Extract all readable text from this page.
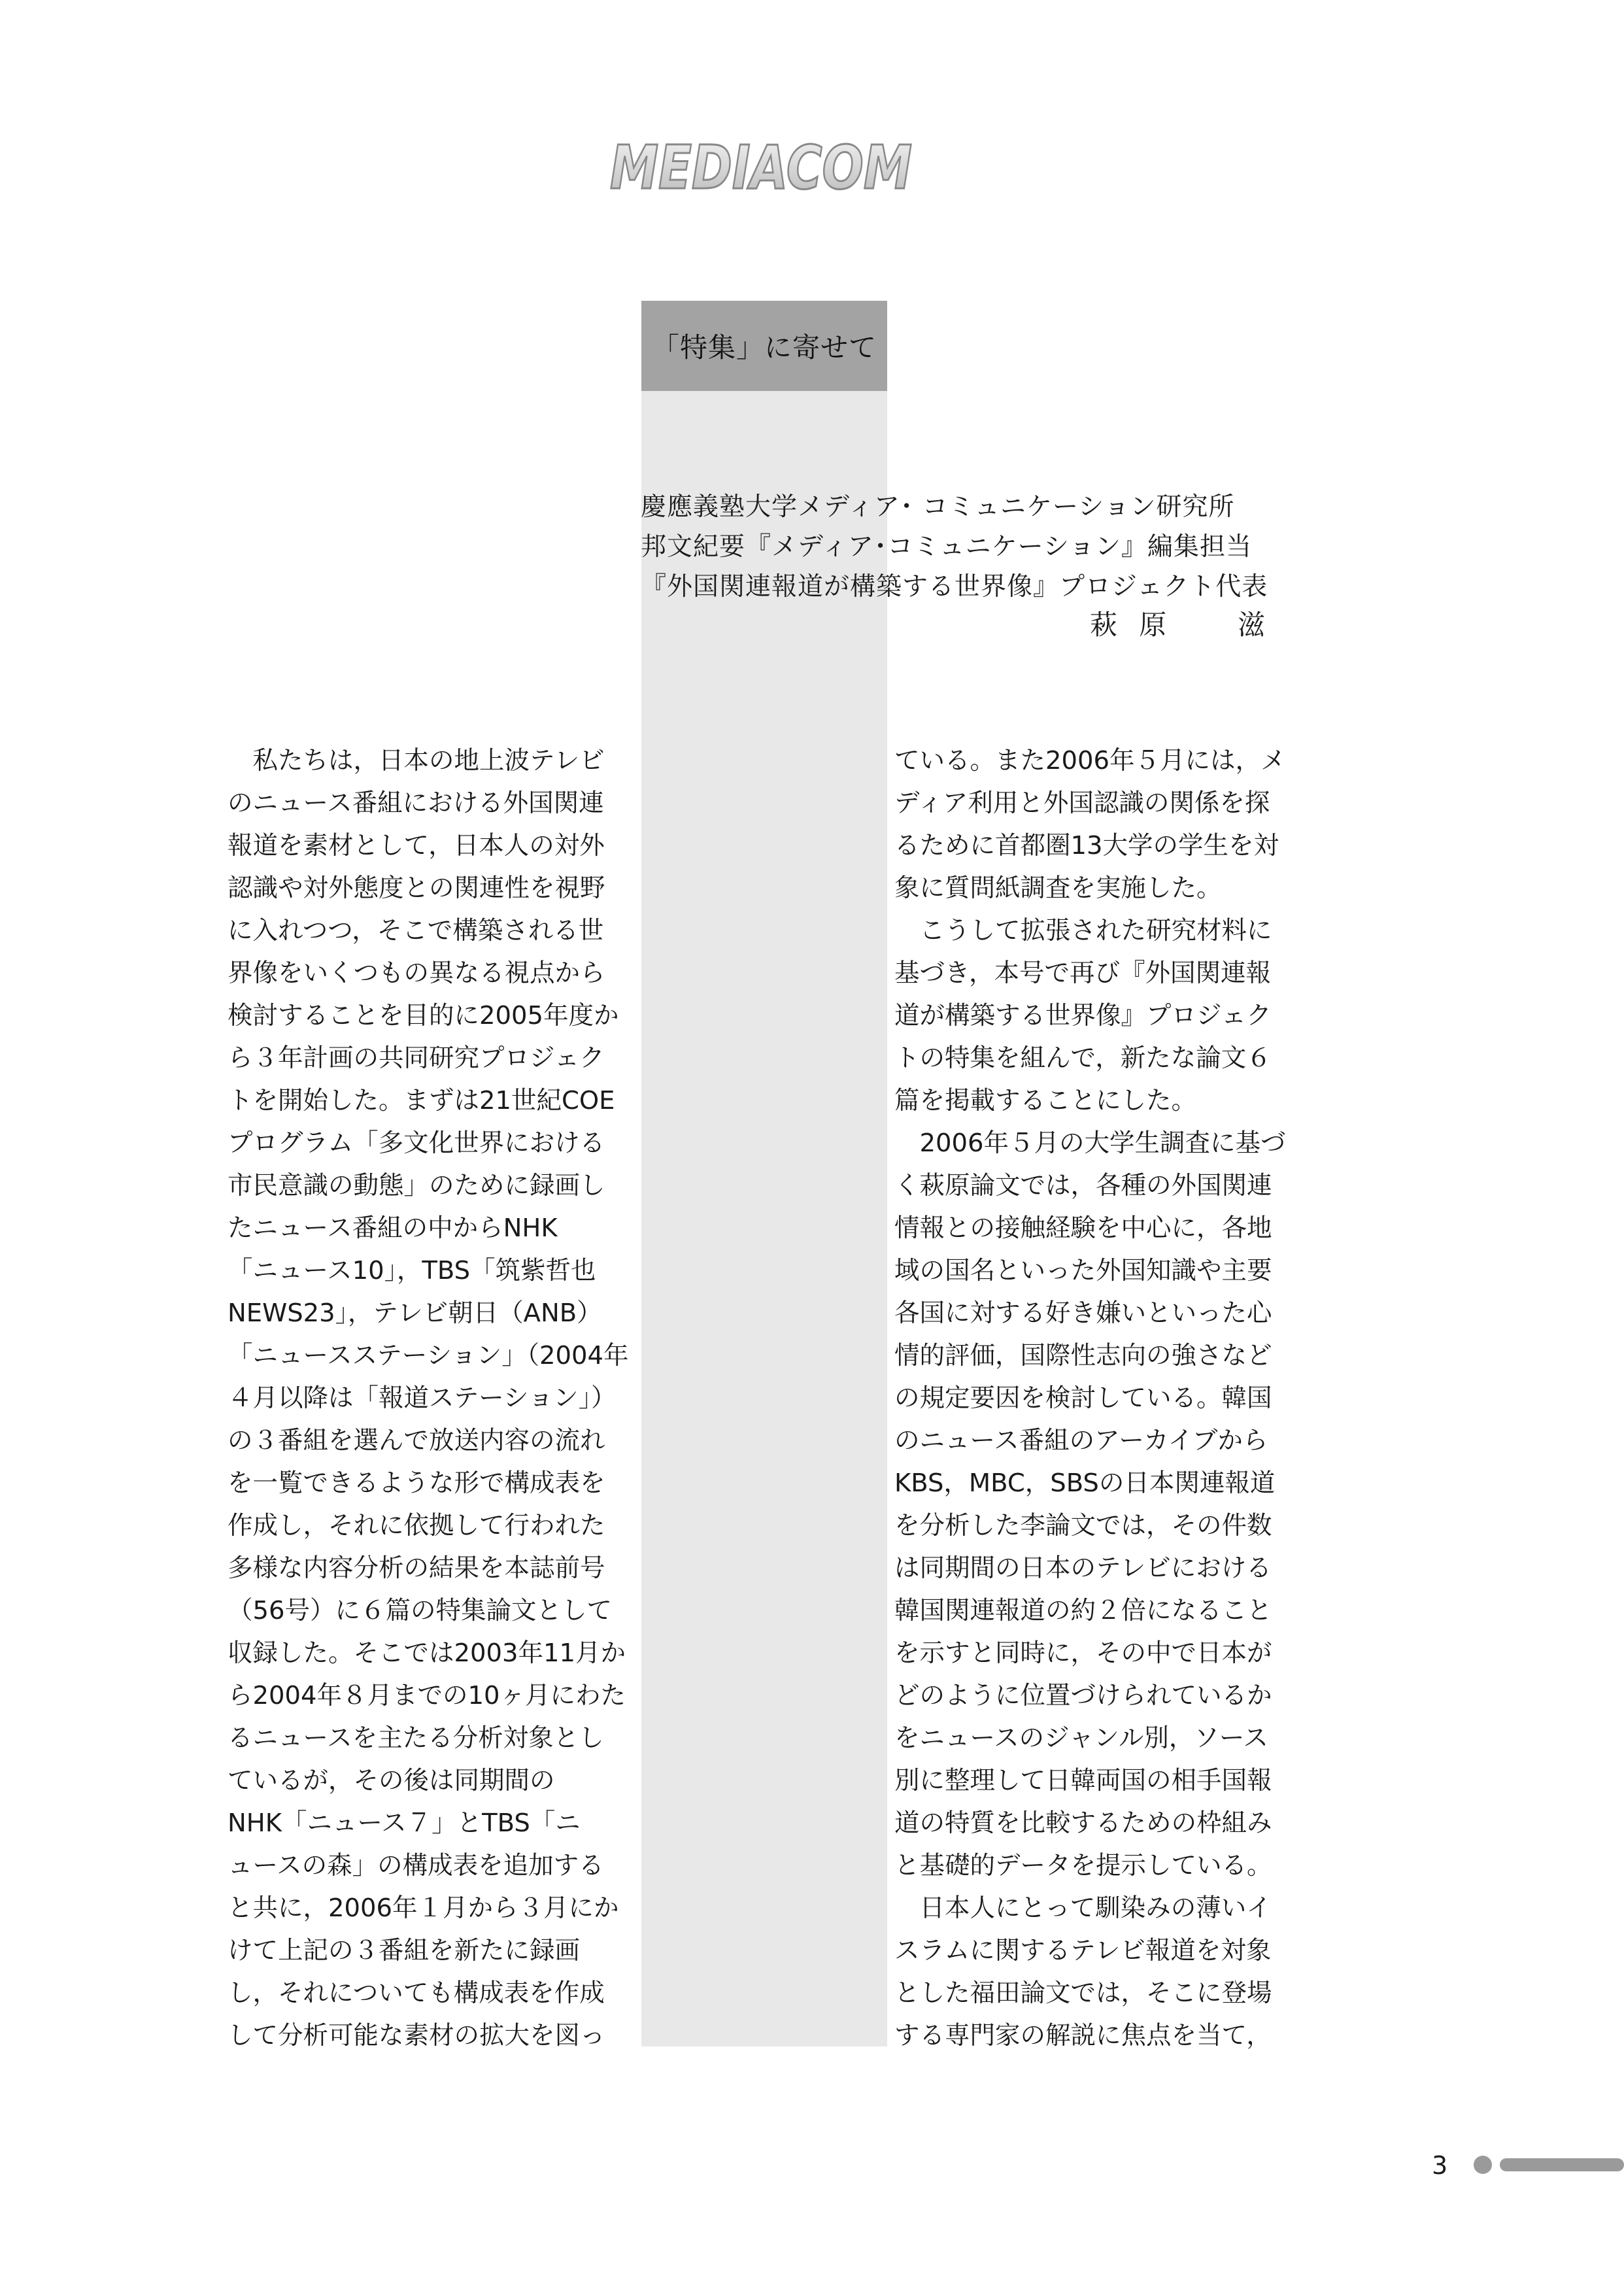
MEDIACOM
「特集」に寄せて
慶應義塾大学メディア･ コミュニケーション研究所
邦文紀要『メディア･コミュニケーション』編集担当
『外国関連報道が構築する世界像』プロジェクト代表
萩 原 　 滋
　私たちは，日本の地上波テレビ
のニュース番組における外国関連
報道を素材として，日本人の対外
認識や対外態度との関連性を視野
に入れつつ，そこで構築される世
界像をいくつもの異なる視点から
検討することを目的に2005年度か
ら３年計画の共同研究プロジェク
トを開始した。まずは21世紀COE
プログラム「多文化世界における
市民意識の動態」のために録画し
たニュース番組の中からNHK
「ニュース10」，TBS「筑紫哲也
NEWS23」，テレビ朝日（ANB）
「ニュースステーション」（2004年
４月以降は「報道ステーション」）
の３番組を選んで放送内容の流れ
を一覧できるような形で構成表を
作成し，それに依拠して行われた
多様な内容分析の結果を本誌前号
（56号）に６篇の特集論文として
収録した。そこでは2003年11月か
ら2004年８月までの10ヶ月にわた
るニュースを主たる分析対象とし
ているが，その後は同期間の
NHK「ニュース７」とTBS「ニ
ュースの森」の構成表を追加する
と共に，2006年１月から３月にか
けて上記の３番組を新たに録画
し，それについても構成表を作成
して分析可能な素材の拡大を図っ
ている。また2006年５月には，メ
ディア利用と外国認識の関係を探
るために首都圏13大学の学生を対
象に質問紙調査を実施した。
　こうして拡張された研究材料に
基づき，本号で再び『外国関連報
道が構築する世界像』プロジェク
トの特集を組んで，新たな論文６
篇を掲載することにした。
　2006年５月の大学生調査に基づ
く萩原論文では，各種の外国関連
情報との接触経験を中心に，各地
域の国名といった外国知識や主要
各国に対する好き嫌いといった心
情的評価，国際性志向の強さなど
の規定要因を検討している。韓国
のニュース番組のアーカイブから
KBS，MBC，SBSの日本関連報道
を分析した李論文では，その件数
は同期間の日本のテレビにおける
韓国関連報道の約２倍になること
を示すと同時に，その中で日本が
どのように位置づけられているか
をニュースのジャンル別，ソース
別に整理して日韓両国の相手国報
道の特質を比較するための枠組み
と基礎的データを提示している。
　日本人にとって馴染みの薄いイ
スラムに関するテレビ報道を対象
とした福田論文では，そこに登場
する専門家の解説に焦点を当て，
3
